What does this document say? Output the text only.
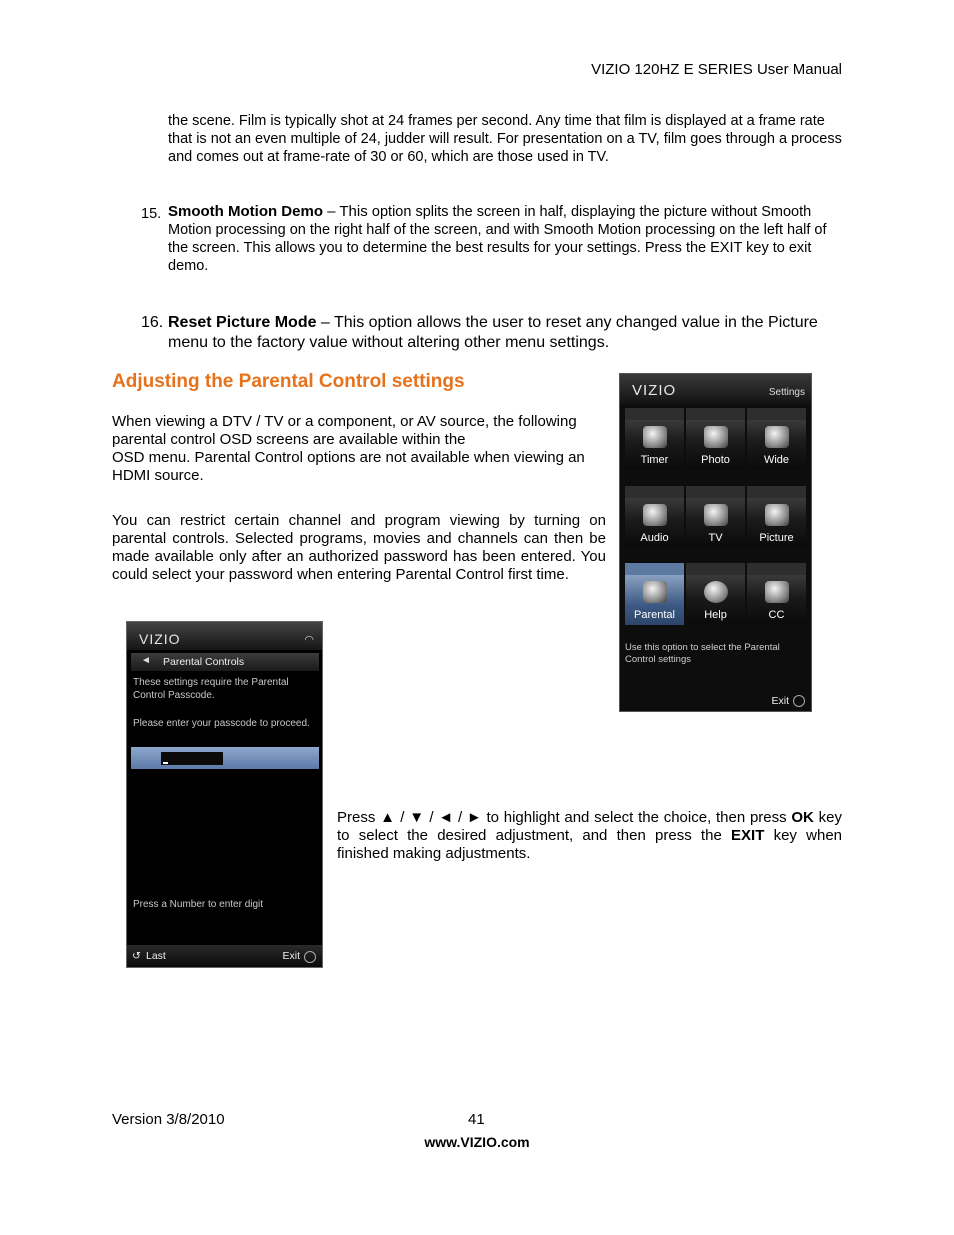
VIZIO 120HZ E SERIES User Manual
the scene. Film is typically shot at 24 frames per second. Any time that film is displayed at a frame rate that is not an even multiple of 24, judder will result. For presentation on a TV, film goes through a process and comes out at frame-rate of 30 or 60, which are those used in TV.
15. Smooth Motion Demo – This option splits the screen in half, displaying the picture without Smooth Motion processing on the right half of the screen, and with Smooth Motion processing on the left half of the screen. This allows you to determine the best results for your settings. Press the EXIT key to exit demo.
16. Reset Picture Mode – This option allows the user to reset any changed value in the Picture menu to the factory value without altering other menu settings.
Adjusting the Parental Control settings
When viewing a DTV / TV or a component, or AV source, the following parental control OSD screens are available within the
OSD menu. Parental Control options are not available when viewing an HDMI source.
You can restrict certain channel and program viewing by turning on parental controls. Selected programs, movies and channels can then be made available only after an authorized password has been entered. You could select your password when entering Parental Control first time.
VIZIO	Settings
Timer	Photo	Wide
Audio	TV	Picture
Parental	Help	CC
Use this option to select the Parental Control settings
Exit
VIZIO	◠
◄ Parental Controls
These settings require the Parental Control Passcode.
Please enter your passcode to proceed.
Press a Number to enter digit
↺ Last	Exit
Press ▲ / ▼ / ◄ / ► to highlight and select the choice, then press OK key to select the desired adjustment, and then press the EXIT key when finished making adjustments.
Version 3/8/2010	41
www.VIZIO.com
